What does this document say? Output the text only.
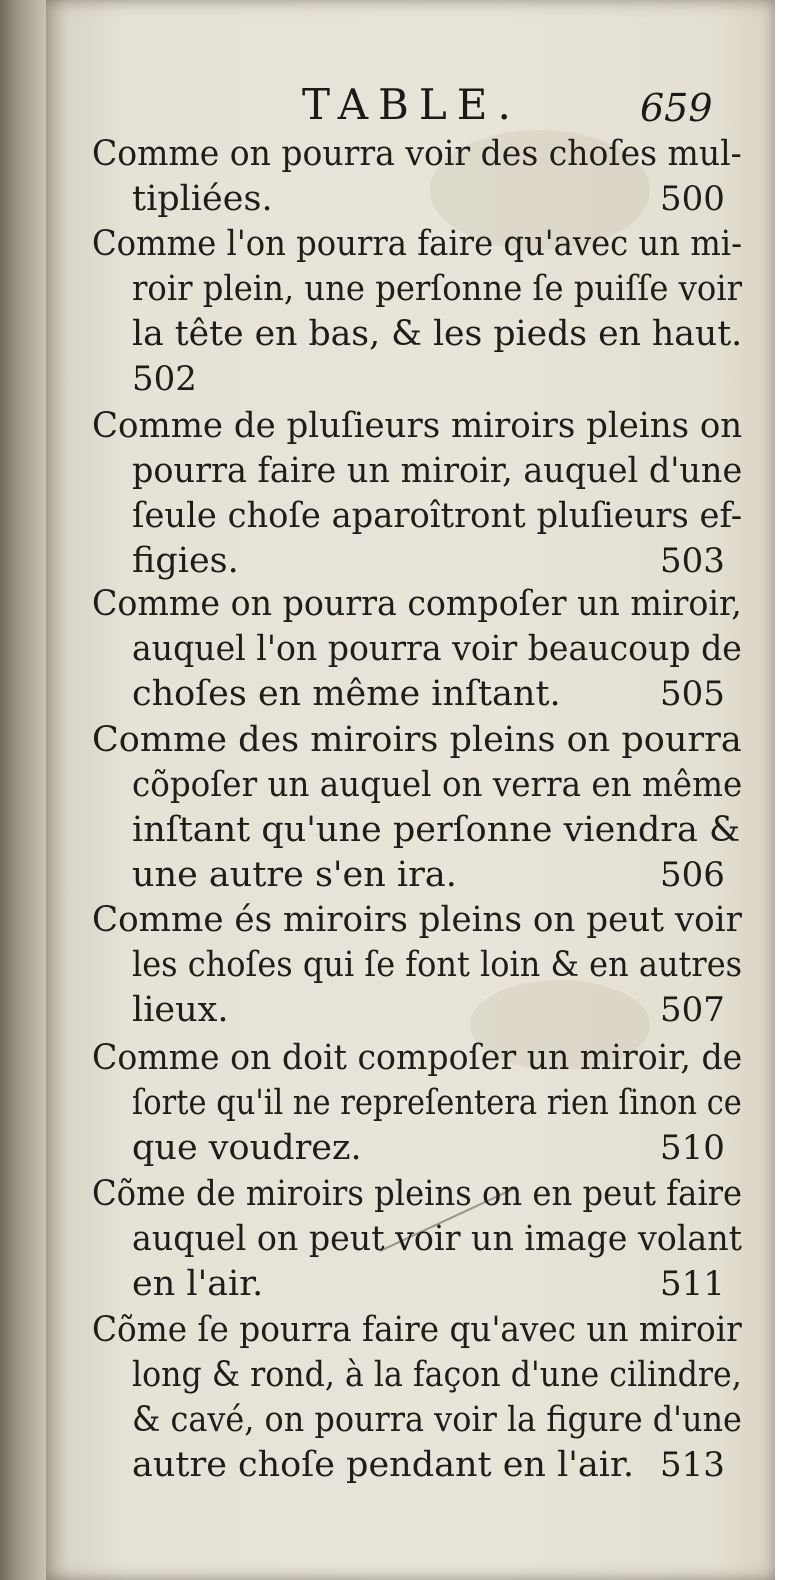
TABLE.	659
Comme on pourra voir des choſes mul-
tipliées.	500
Comme l'on pourra faire qu'avec un mi-
roir plein, une perſonne ſe puiſſe voir
la tête en bas, & les pieds en haut.
502
Comme de pluſieurs miroirs pleins on
pourra faire un miroir, auquel d'une
ſeule choſe aparoîtront pluſieurs ef-
figies.	503
Comme on pourra compoſer un miroir,
auquel l'on pourra voir beaucoup de
choſes en même inſtant.	505
Comme des miroirs pleins on pourra
cõpoſer un auquel on verra en même
inſtant qu'une perſonne viendra &
une autre s'en ira.	506
Comme és miroirs pleins on peut voir
les choſes qui ſe font loin & en autres
lieux.	507
Comme on doit compoſer un miroir, de
ſorte qu'il ne repreſentera rien ſinon ce
que voudrez.	510
Cõme de miroirs pleins on en peut faire
auquel on peut voir un image volant
en l'air.	511
Cõme ſe pourra faire qu'avec un miroir
long & rond, à la façon d'une cilindre,
& cavé, on pourra voir la figure d'une
autre choſe pendant en l'air. 513
